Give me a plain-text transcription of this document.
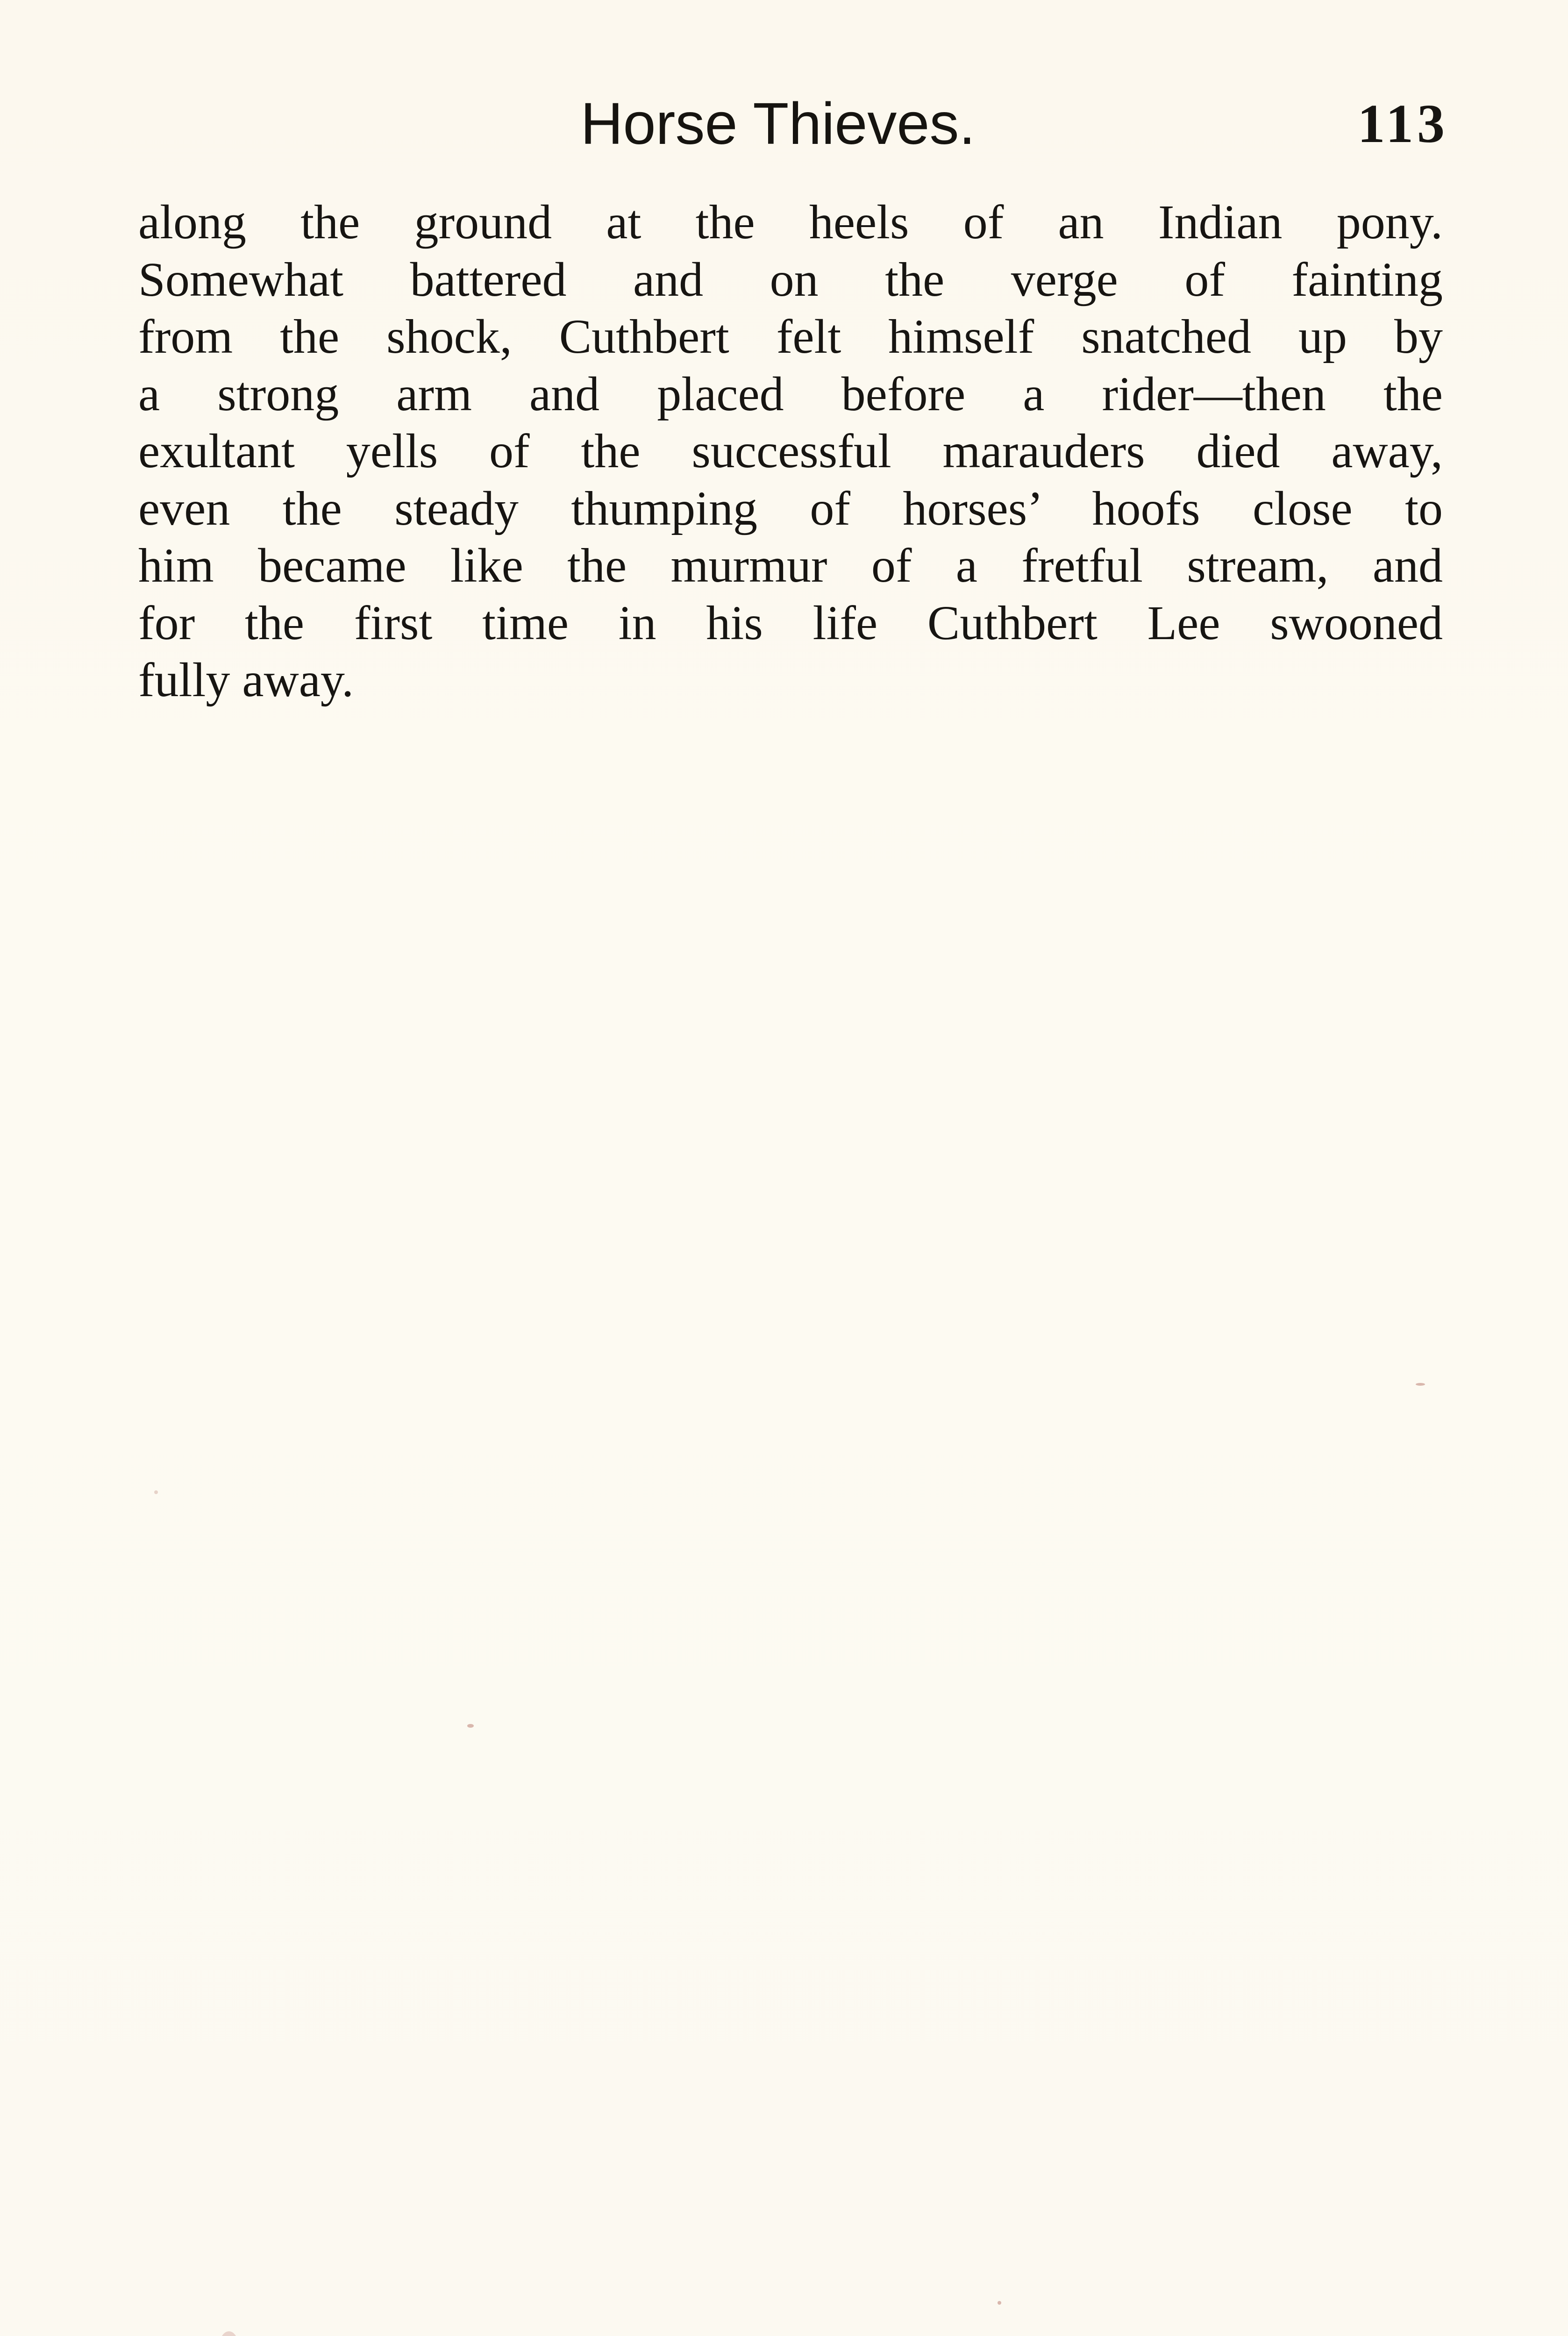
Horse Thieves.	113
along the ground at the heels of an Indian pony.
Somewhat battered and on the verge of fainting
from the shock, Cuthbert felt himself snatched up by
a strong arm and placed before a rider—then the
exultant yells of the successful marauders died away,
even the steady thumping of horses’ hoofs close to
him became like the murmur of a fretful stream, and
for the first time in his life Cuthbert Lee swooned
fully away.
